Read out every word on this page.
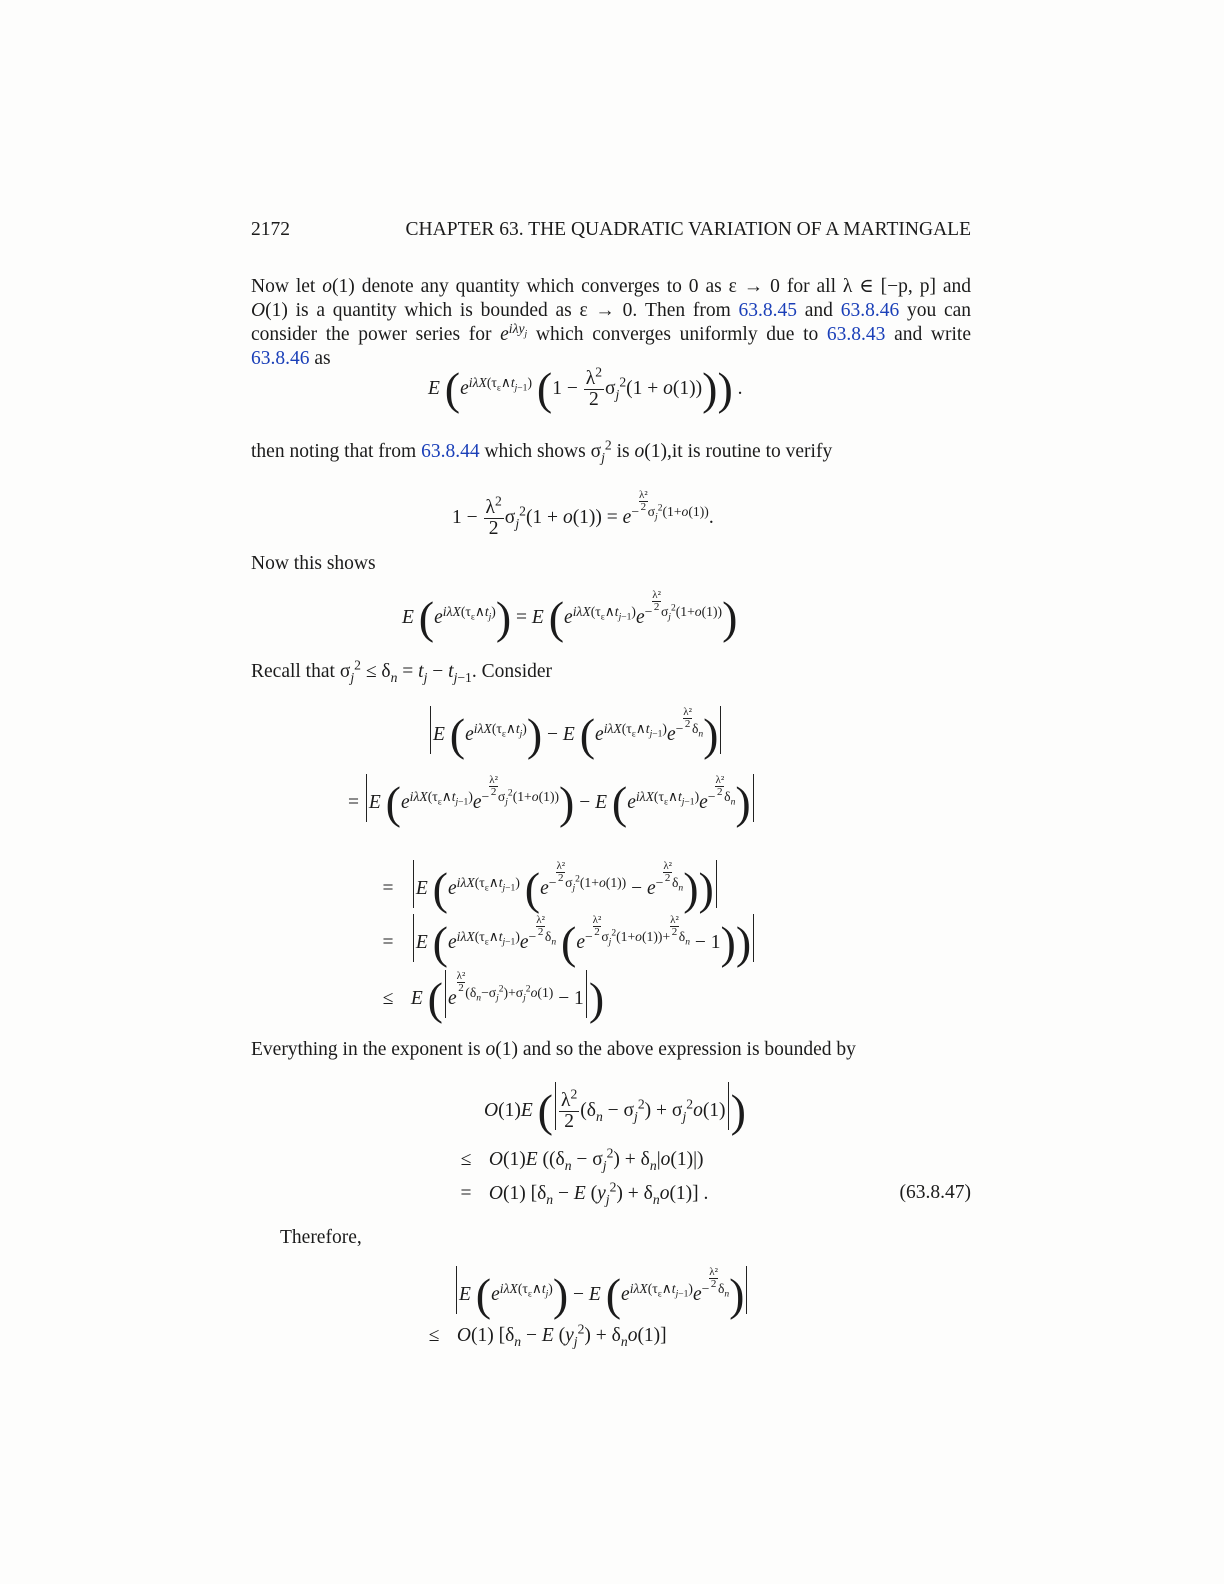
2172	CHAPTER 63. THE QUADRATIC VARIATION OF A MARTINGALE
Now let o(1) denote any quantity which converges to 0 as ε → 0 for all λ ∈ [−p, p] and O(1) is a quantity which is bounded as ε → 0. Then from 63.8.45 and 63.8.46 you can consider the power series for $e^{i\lambda y_j}$ which converges uniformly due to 63.8.43 and write 63.8.46 as
E ($e^{i\lambda X(\tau_\varepsilon\wedge t_{j-1})}$ $(1 - \frac{\lambda^2}{2} \sigma_j^2(1 + o(1)))$) .
then noting that from 63.8.44 which shows $\sigma_j^2$ is o(1),it is routine to verify
$1 - \frac{\lambda^2}{2} \sigma_j^2(1 + o(1)) = e^{- \frac{\text{λ²}}{2} \sigma_j^2(1+o(1))}$.
Now this shows
E $(e^{i\lambda X(\tau_\varepsilon\wedge t_j)}) = E$ $(e^{i\lambda X(\tau_\varepsilon\wedge t_{j-1})}e^{- \frac{\text{λ²}}{2} \sigma_j^2(1+o(1))})$
Recall that $\sigma_j^2 \le \delta_n = t_j - t_{j-1}$. Consider
E $(e^{i\lambda X(\tau_\varepsilon\wedge t_j)}) - E$ $(e^{i\lambda X(\tau_\varepsilon\wedge t_{j-1})}e^{- \frac{\text{λ²}}{2} \delta_n})$
= E $(e^{i\lambda X(\tau_\varepsilon\wedge t_{j-1})}e^{- \frac{\text{λ²}}{2} \sigma_j^2(1+o(1))}) - E$ $(e^{i\lambda X(\tau_\varepsilon\wedge t_{j-1})}e^{- \frac{\text{λ²}}{2} \delta_n})$
= E ($e^{i\lambda X(\tau_\varepsilon\wedge t_{j-1})}$ $(e^{- \frac{\text{λ²}}{2} \sigma_j^2(1+o(1))} - e^{- \frac{\text{λ²}}{2} \delta_n})$)
= E ($e^{i\lambda X(\tau_\varepsilon\wedge t_{j-1})}e^{- \frac{\text{λ²}}{2} \delta_n}$ $(e^{- \frac{\text{λ²}}{2} \sigma_j^2(1+o(1))+ \frac{\text{λ²}}{2} \delta_n} - 1)$)
≤ E ( e
$^{\frac{\text{λ²}}{2} (\delta_n-\sigma_j^2)+\sigma_j^2o(1)}$ − 1 )
Everything in the exponent is o(1) and so the above expression is bounded by
O(1)E ( $\frac{\lambda^2}{2} (\delta_n - \sigma_j^2) + \sigma_j^2o(1)$ )
≤ O(1)E $((\delta_n - \sigma_j^2) + \delta_n|o(1)|)$
= O(1) [$\delta_n - E$ $(y_j^2) + \delta_no(1)$] .	(63.8.47)
Therefore,
E $(e^{i\lambda X(\tau_\varepsilon\wedge t_j)}) - E$ $(e^{i\lambda X(\tau_\varepsilon\wedge t_{j-1})}e^{- \frac{\text{λ²}}{2} \delta_n})$
≤ O(1) [$\delta_n - E$ $(y_j^2) + \delta_no(1)$]
